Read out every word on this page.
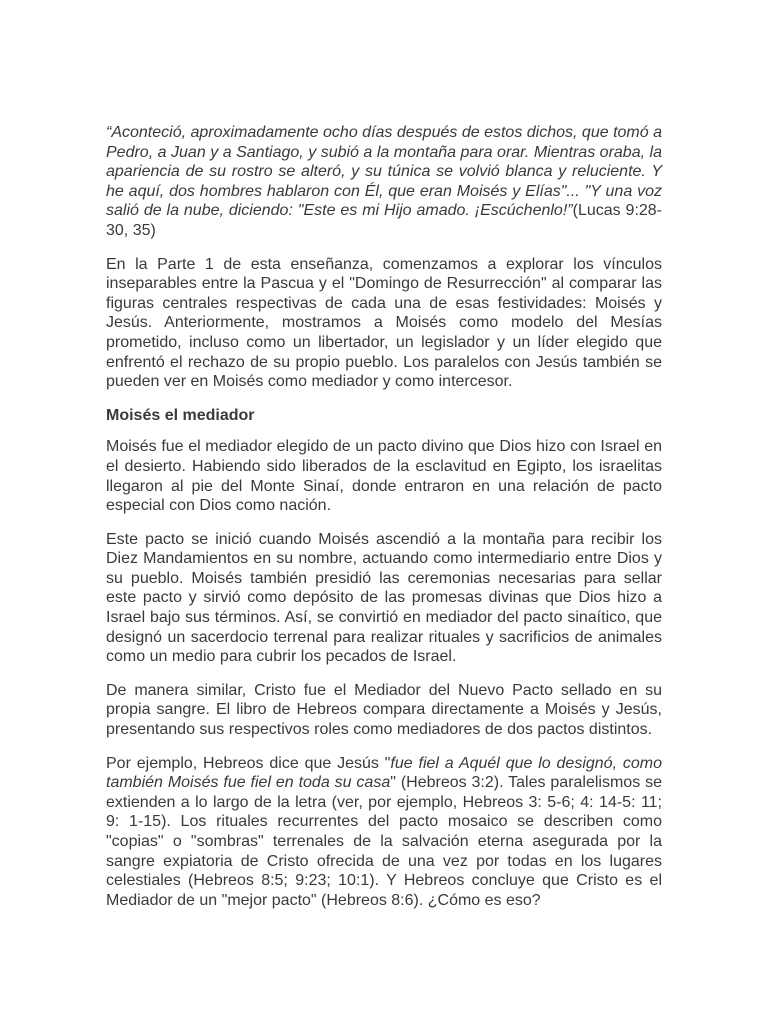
“Aconteció, aproximadamente ocho días después de estos dichos, que tomó a Pedro, a Juan y a Santiago, y subió a la montaña para orar. Mientras oraba, la apariencia de su rostro se alteró, y su túnica se volvió blanca y reluciente. Y he aquí, dos hombres hablaron con Él, que eran Moisés y Elías"... "Y una voz salió de la nube, diciendo: "Este es mi Hijo amado. ¡Escúchenlo!”(Lucas 9:28-30, 35)

En la Parte 1 de esta enseñanza, comenzamos a explorar los vínculos inseparables entre la Pascua y el "Domingo de Resurrección" al comparar las figuras centrales respectivas de cada una de esas festividades: Moisés y Jesús. Anteriormente, mostramos a Moisés como modelo del Mesías prometido, incluso como un libertador, un legislador y un líder elegido que enfrentó el rechazo de su propio pueblo. Los paralelos con Jesús también se pueden ver en Moisés como mediador y como intercesor.

Moisés el mediador

Moisés fue el mediador elegido de un pacto divino que Dios hizo con Israel en el desierto. Habiendo sido liberados de la esclavitud en Egipto, los israelitas llegaron al pie del Monte Sinaí, donde entraron en una relación de pacto especial con Dios como nación.

Este pacto se inició cuando Moisés ascendió a la montaña para recibir los Diez Mandamientos en su nombre, actuando como intermediario entre Dios y su pueblo. Moisés también presidió las ceremonias necesarias para sellar este pacto y sirvió como depósito de las promesas divinas que Dios hizo a Israel bajo sus términos. Así, se convirtió en mediador del pacto sinaítico, que designó un sacerdocio terrenal para realizar rituales y sacrificios de animales como un medio para cubrir los pecados de Israel.

De manera similar, Cristo fue el Mediador del Nuevo Pacto sellado en su propia sangre. El libro de Hebreos compara directamente a Moisés y Jesús, presentando sus respectivos roles como mediadores de dos pactos distintos.

Por ejemplo, Hebreos dice que Jesús "fue fiel a Aquél que lo designó, como también Moisés fue fiel en toda su casa" (Hebreos 3:2). Tales paralelismos se extienden a lo largo de la letra (ver, por ejemplo, Hebreos 3: 5-6; 4: 14-5: 11; 9: 1-15). Los rituales recurrentes del pacto mosaico se describen como "copias" o "sombras" terrenales de la salvación eterna asegurada por la sangre expiatoria de Cristo ofrecida de una vez por todas en los lugares celestiales (Hebreos 8:5; 9:23; 10:1). Y Hebreos concluye que Cristo es el Mediador de un "mejor pacto" (Hebreos 8:6). ¿Cómo es eso?
